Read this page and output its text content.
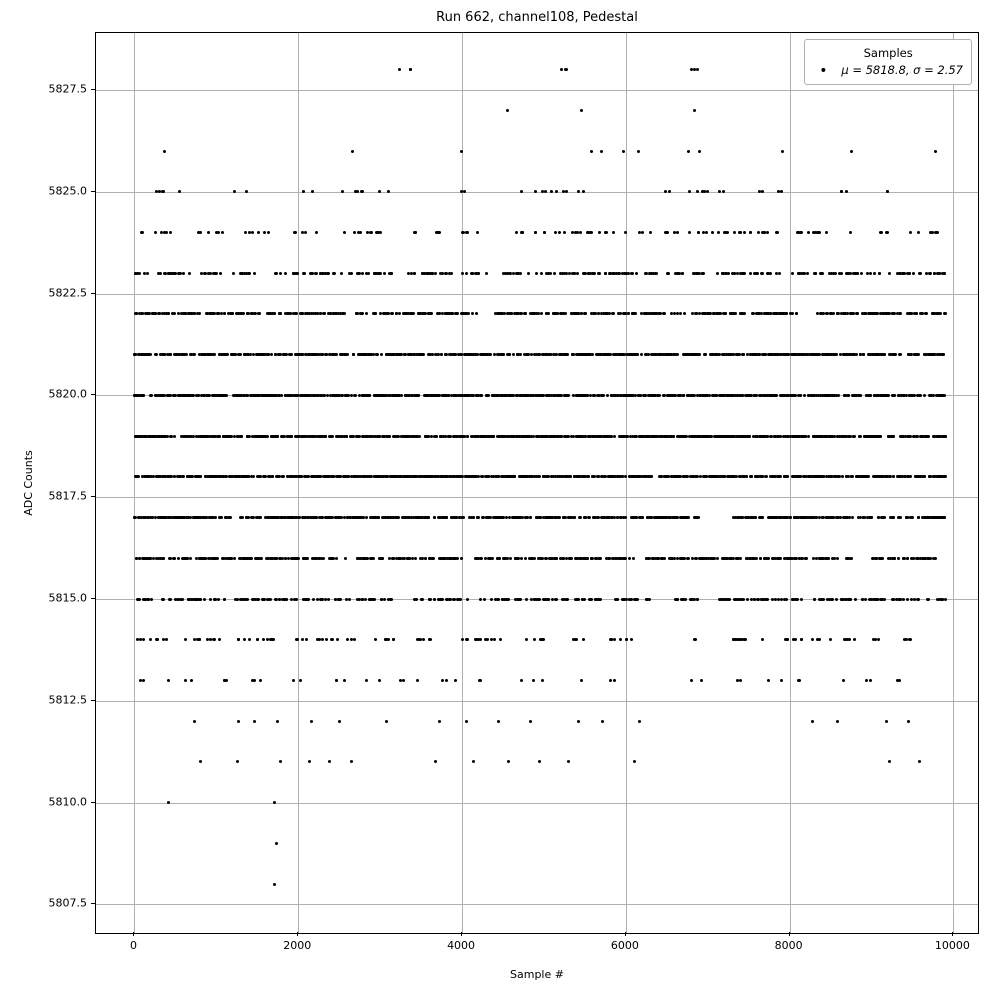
Run 662, channel108, Pedestal
Samples
•	μ = 5818.8, σ = 2.57
0	2000	4000	6000	8000	10000
5807.5
5810.0
5812.5
5815.0
5817.5
5820.0
5822.5
5825.0
5827.5
Sample #
ADC Counts
